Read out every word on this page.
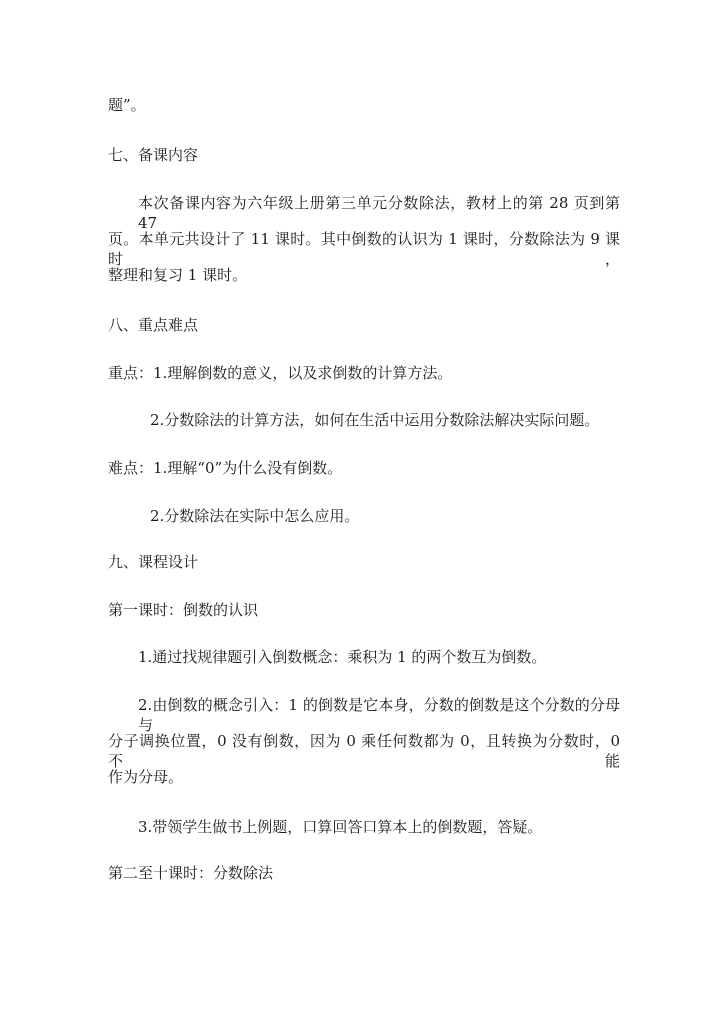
题”。
七、备课内容
本次备课内容为六年级上册第三单元分数除法，教材上的第 28 页到第 47
页。本单元共设计了 11 课时。其中倒数的认识为 1 课时，分数除法为 9 课时，
整理和复习 1 课时。
八、重点难点
重点：1.理解倒数的意义，以及求倒数的计算方法。
2.分数除法的计算方法，如何在生活中运用分数除法解决实际问题。
难点：1.理解“0”为什么没有倒数。
2.分数除法在实际中怎么应用。
九、课程设计
第一课时：倒数的认识
1.通过找规律题引入倒数概念：乘积为 1 的两个数互为倒数。
2.由倒数的概念引入：1 的倒数是它本身，分数的倒数是这个分数的分母与
分子调换位置，0 没有倒数，因为 0 乘任何数都为 0，且转换为分数时，0 不能
作为分母。
3.带领学生做书上例题，口算回答口算本上的倒数题，答疑。
第二至十课时：分数除法
